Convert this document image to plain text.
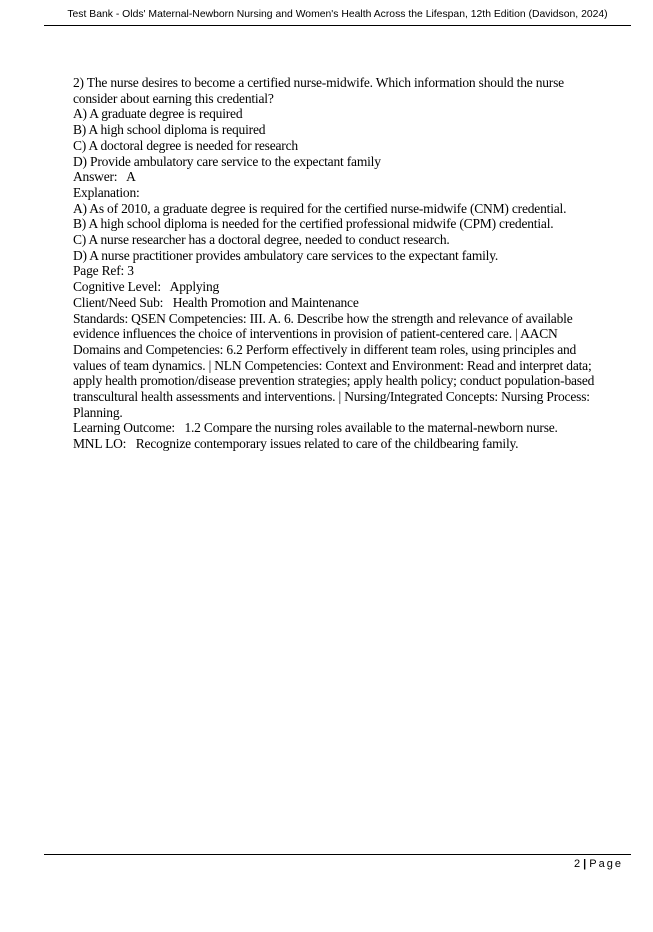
Test Bank - Olds' Maternal-Newborn Nursing and Women's Health Across the Lifespan, 12th Edition (Davidson, 2024)
2) The nurse desires to become a certified nurse-midwife. Which information should the nurse consider about earning this credential?
A) A graduate degree is required
B) A high school diploma is required
C) A doctoral degree is needed for research
D) Provide ambulatory care service to the expectant family
Answer:   A
Explanation:
A) As of 2010, a graduate degree is required for the certified nurse-midwife (CNM) credential.
B) A high school diploma is needed for the certified professional midwife (CPM) credential.
C) A nurse researcher has a doctoral degree, needed to conduct research.
D) A nurse practitioner provides ambulatory care services to the expectant family.
Page Ref: 3
Cognitive Level:   Applying
Client/Need Sub:   Health Promotion and Maintenance
Standards: QSEN Competencies: III. A. 6. Describe how the strength and relevance of available evidence influences the choice of interventions in provision of patient-centered care. | AACN Domains and Competencies: 6.2 Perform effectively in different team roles, using principles and values of team dynamics. | NLN Competencies: Context and Environment: Read and interpret data; apply health promotion/disease prevention strategies; apply health policy; conduct population-based transcultural health assessments and interventions. | Nursing/Integrated Concepts: Nursing Process: Planning.
Learning Outcome:   1.2 Compare the nursing roles available to the maternal-newborn nurse.
MNL LO:   Recognize contemporary issues related to care of the childbearing family.
2 | Page
